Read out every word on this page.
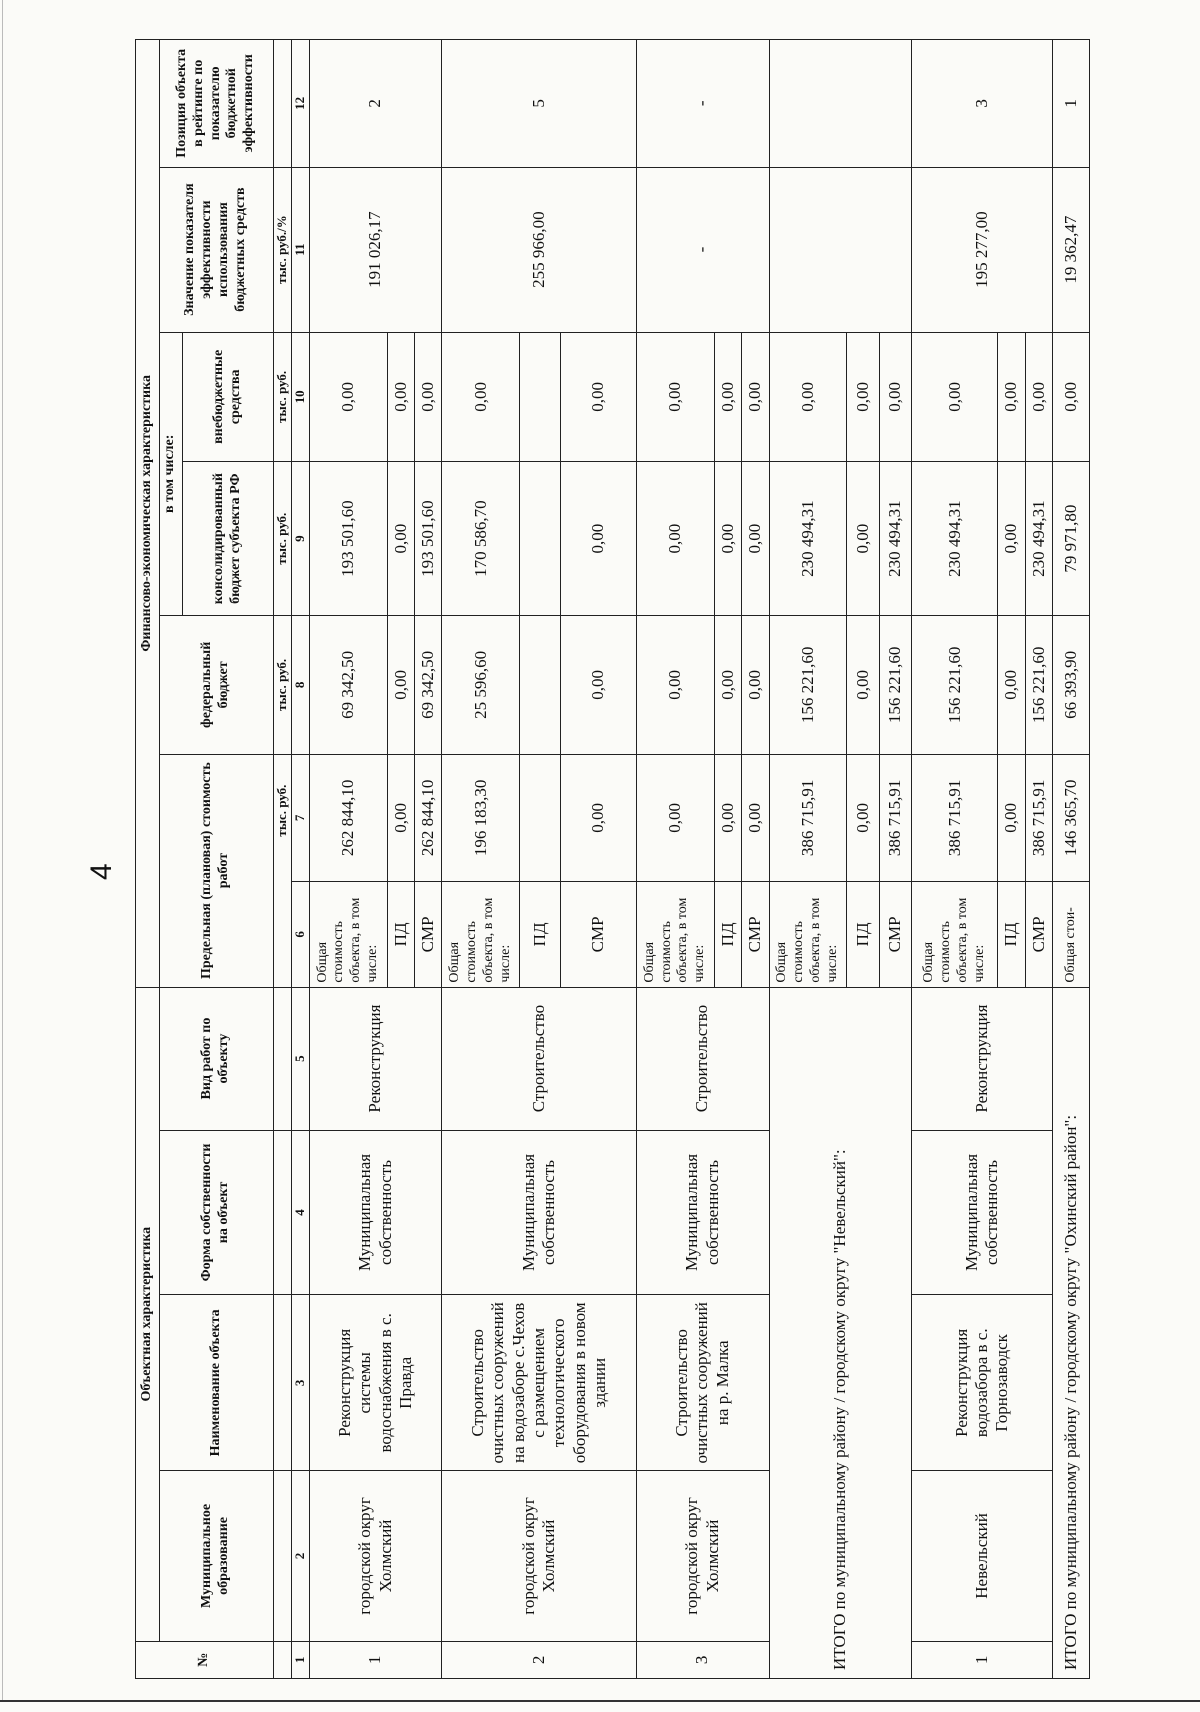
4
№	Объектная характеристика				Финансово-экономическая характеристика						
	Муниципальное образование	Наименование объекта	Форма собственности на объект	Вид работ по объекту	Предельная (плановая) стоимость работ		федеральный бюджет	в том числе:		Значение показателя эффективности использования бюджетных средств	Позиция объекта в рейтинге по показателю бюджетной эффективности
								консолидированный бюджет субъекта РФ	внебюджетные средства		
					тыс. руб.		тыс. руб.	тыс. руб.	тыс. руб.	тыс. руб./%	
1	2	3	4	5	6	7	8	9	10	11	12
1	городской округ Холмский	Реконструкция системы водоснабжения в с. Правда	Муниципальная собственность	Реконструкция	Общая стоимость объекта, в том числе:	262 844,10	69 342,50	193 501,60	0,00	191 026,17	2
					ПД	0,00	0,00	0,00	0,00		
					СМР	262 844,10	69 342,50	193 501,60	0,00		
2	городской округ Холмский	Строительство очистных сооружений на водозаборе с.Чехов с размещением технологического оборудования в новом здании	Муниципальная собственность	Строительство	Общая стоимость объекта, в том числе:	196 183,30	25 596,60	170 586,70	0,00	255 966,00	5
					ПД						
					СМР	0,00	0,00	0,00	0,00		
3	городской округ Холмский	Строительство очистных сооружений на р. Малка	Муниципальная собственность	Строительство	Общая стоимость объекта, в том числе:	0,00	0,00	0,00	0,00	-	-
					ПД	0,00	0,00	0,00	0,00		
					СМР	0,00	0,00	0,00	0,00		
ИТОГО по муниципальному району / городскому округу "Невельский":					Общая стоимость объекта, в том числе:	386 715,91	156 221,60	230 494,31	0,00		
					ПД	0,00	0,00	0,00	0,00		
					СМР	386 715,91	156 221,60	230 494,31	0,00		
1	Невельский	Реконструкция водозабора в с. Горнозаводск	Муниципальная собственность	Реконструкция	Общая стоимость объекта, в том числе:	386 715,91	156 221,60	230 494,31	0,00	195 277,00	3
					ПД	0,00	0,00	0,00	0,00		
					СМР	386 715,91	156 221,60	230 494,31	0,00		
ИТОГО по муниципальному району / городскому округу "Охинский район":					Общая стои-	146 365,70	66 393,90	79 971,80	0,00	19 362,47	1
